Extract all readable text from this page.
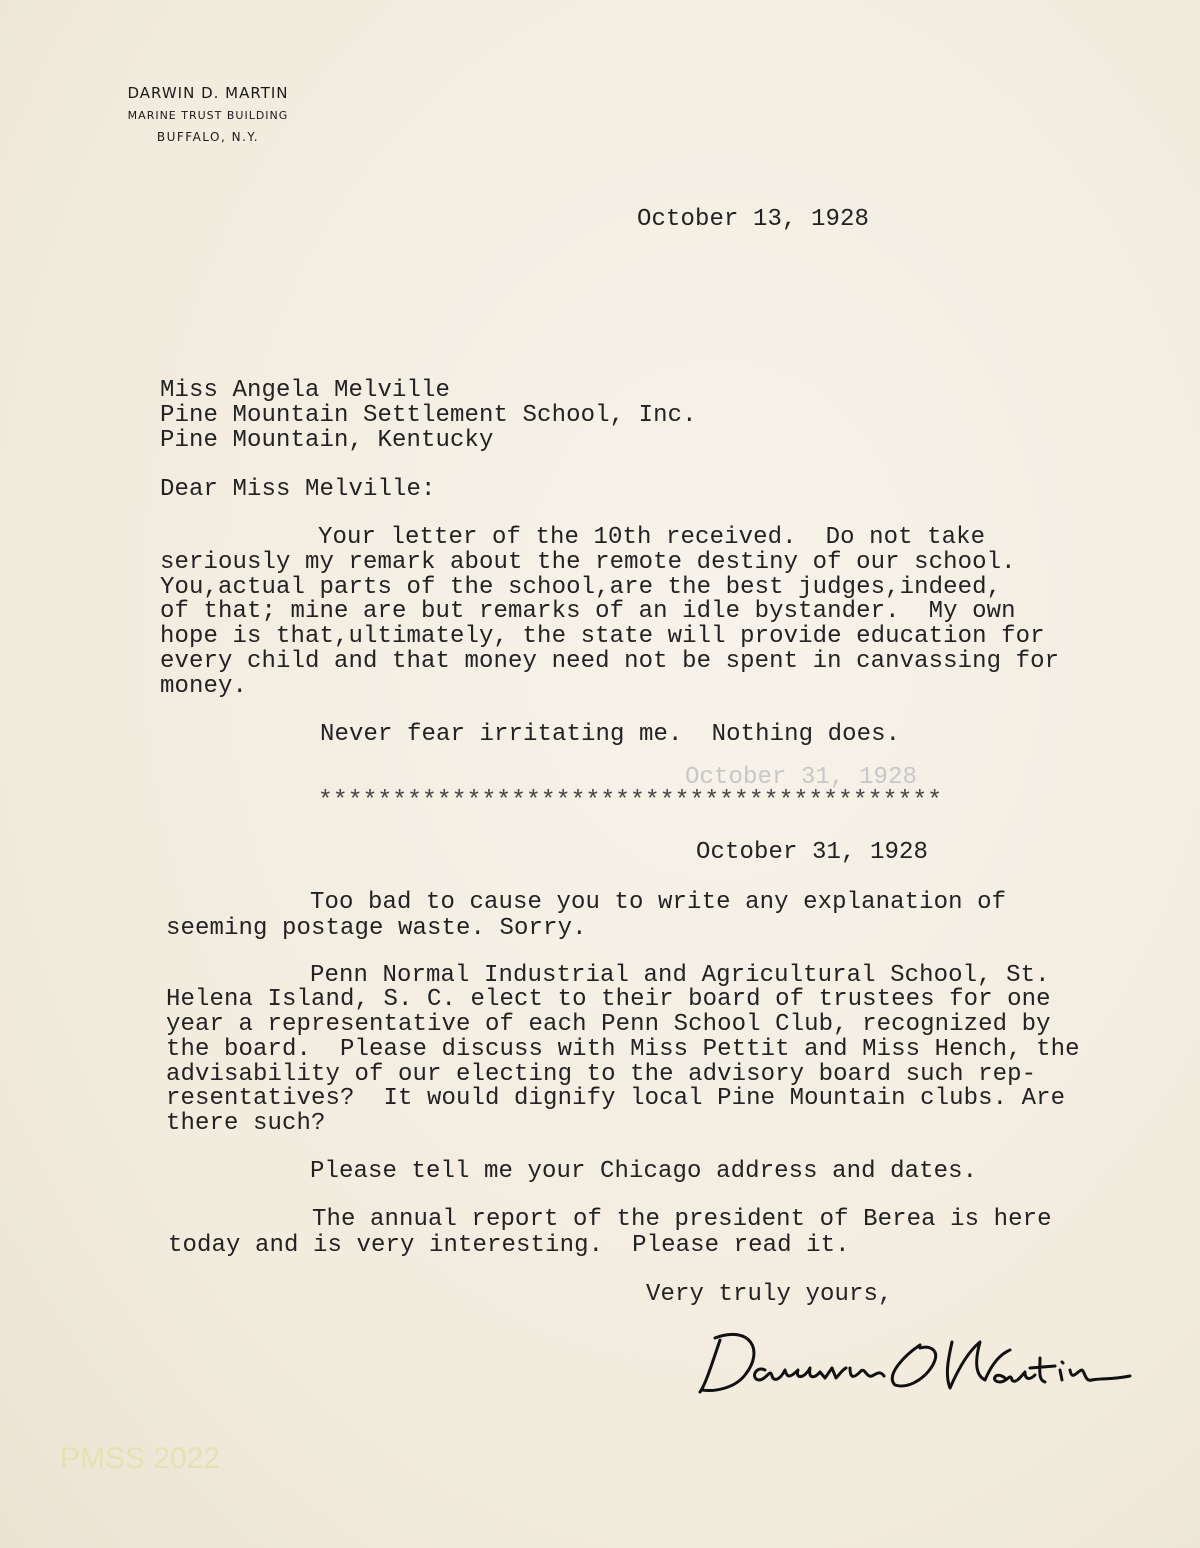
DARWIN D. MARTIN
MARINE TRUST BUILDING
BUFFALO, N.Y.
October 13, 1928
Miss Angela Melville
Pine Mountain Settlement School, Inc.
Pine Mountain, Kentucky
Dear Miss Melville:
Your letter of the 10th received.  Do not take
seriously my remark about the remote destiny of our school.
You,actual parts of the school,are the best judges,indeed,
of that; mine are but remarks of an idle bystander.  My own
hope is that,ultimately, the state will provide education for
every child and that money need not be spent in canvassing for
money.
Never fear irritating me.  Nothing does.
October 31, 1928
******************************************
October 31, 1928
Too bad to cause you to write any explanation of
seeming postage waste. Sorry.
Penn Normal Industrial and Agricultural School, St.
Helena Island, S. C. elect to their board of trustees for one
year a representative of each Penn School Club, recognized by
the board.  Please discuss with Miss Pettit and Miss Hench, the
advisability of our electing to the advisory board such rep-
resentatives?  It would dignify local Pine Mountain clubs. Are
there such?
Please tell me your Chicago address and dates.
The annual report of the president of Berea is here
today and is very interesting.  Please read it.
Very truly yours,
PMSS 2022
